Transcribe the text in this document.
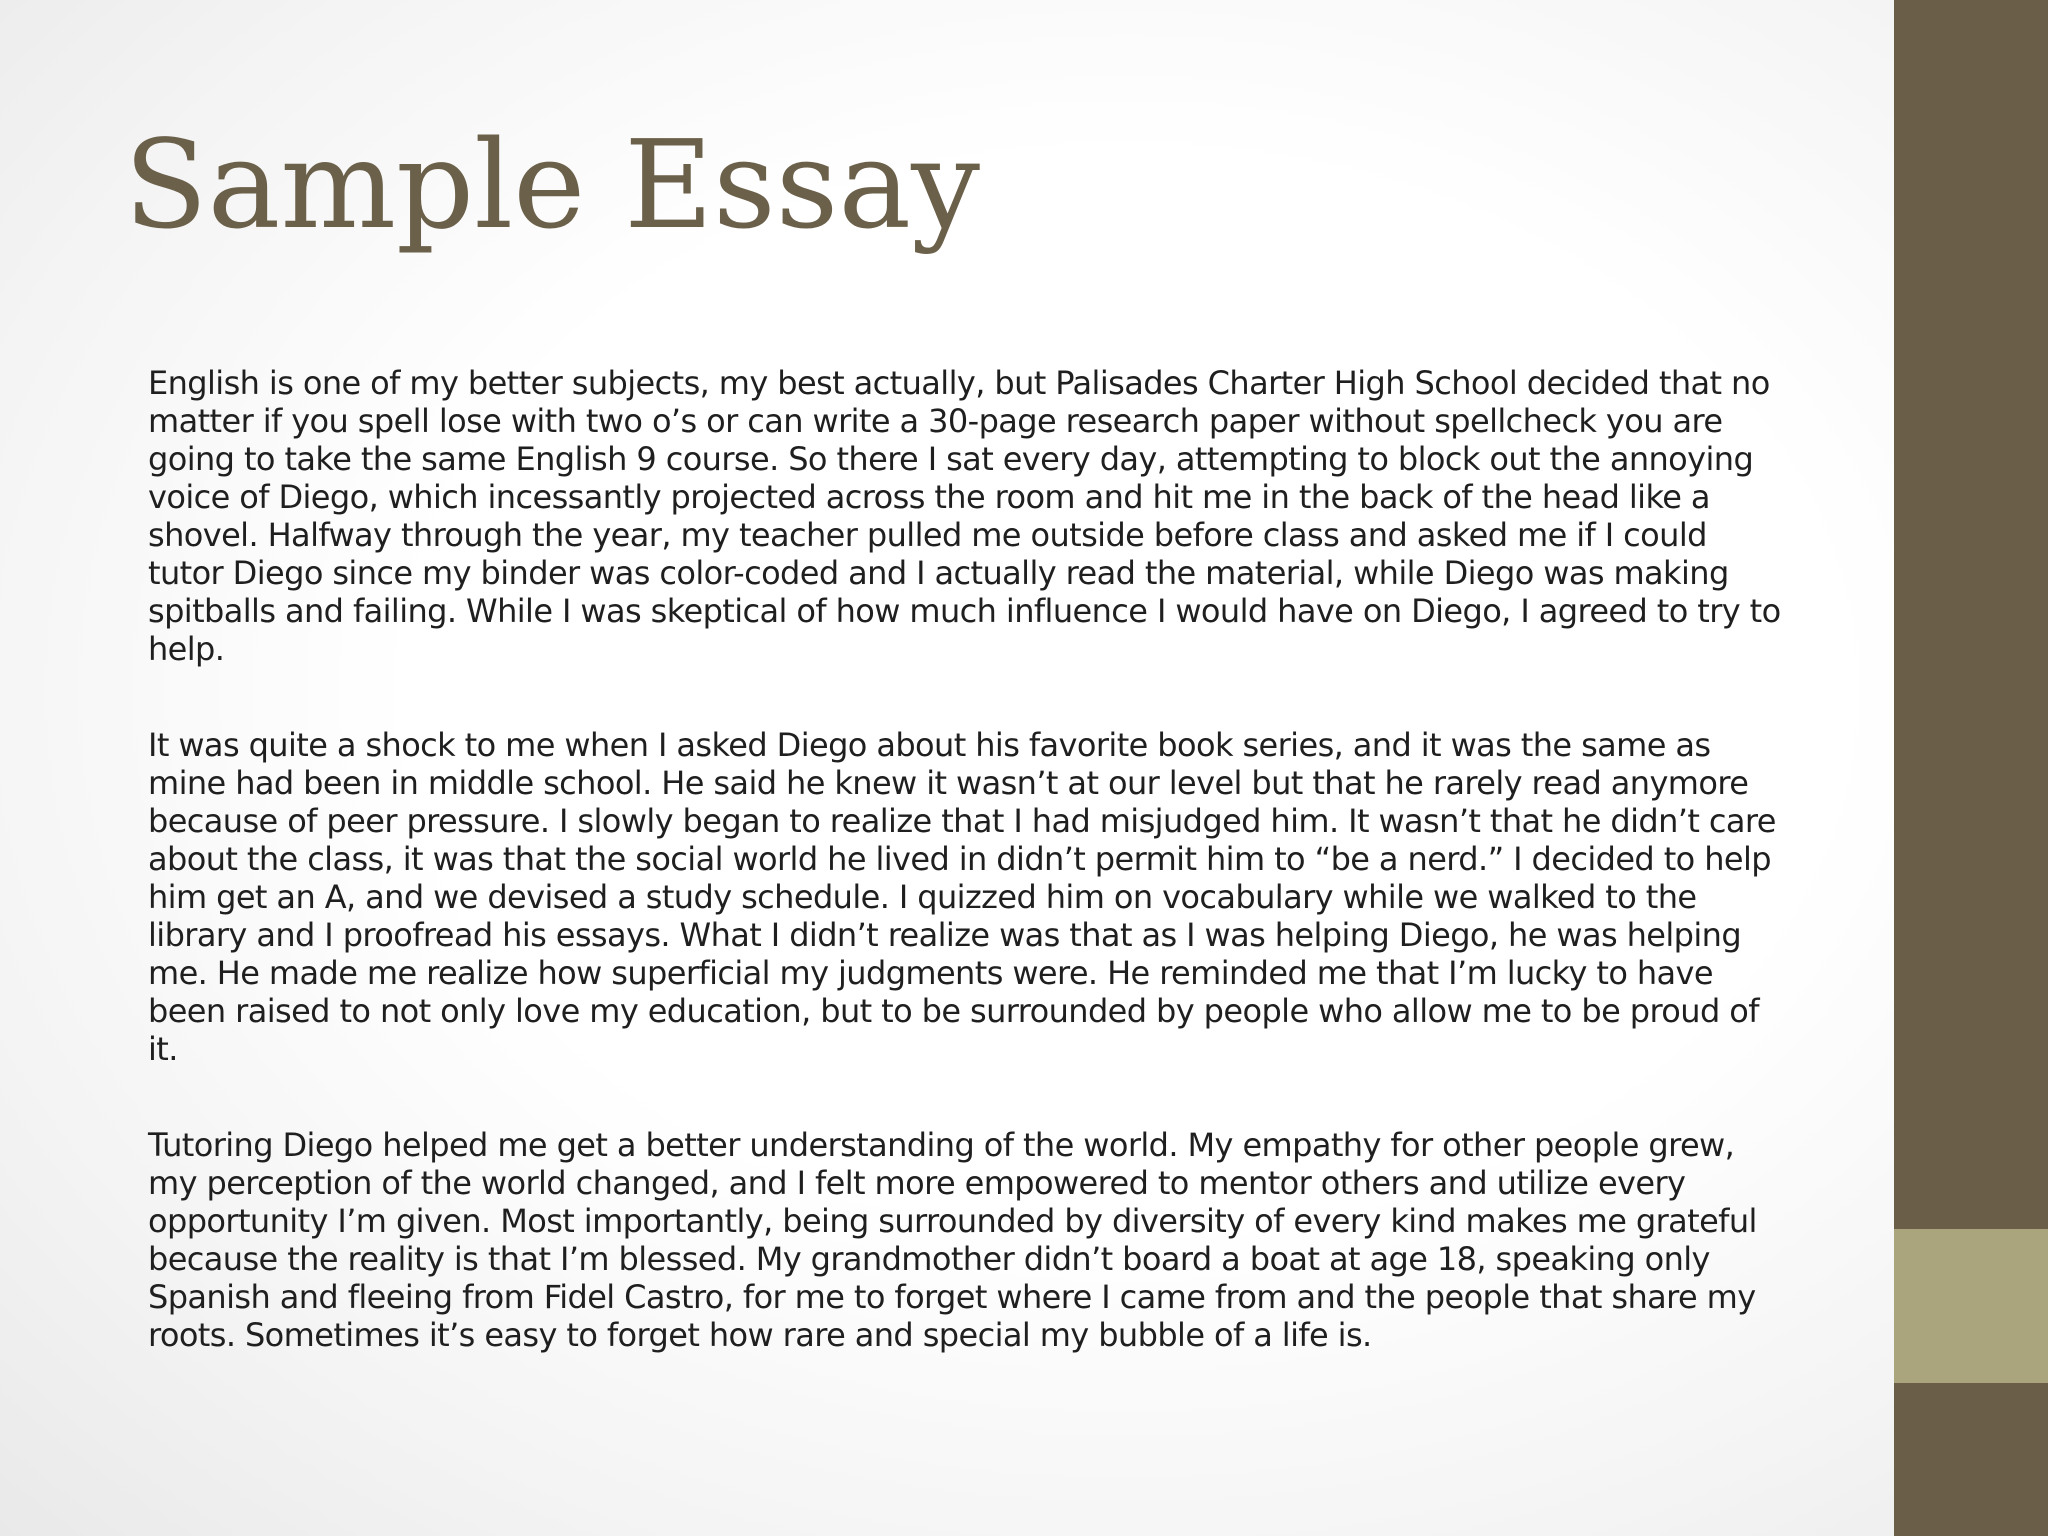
Sample Essay

English is one of my better subjects, my best actually, but Palisades Charter High School decided that no matter if you spell lose with two o’s or can write a 30-page research paper without spellcheck you are going to take the same English 9 course. So there I sat every day, attempting to block out the annoying voice of Diego, which incessantly projected across the room and hit me in the back of the head like a shovel. Halfway through the year, my teacher pulled me outside before class and asked me if I could tutor Diego since my binder was color-coded and I actually read the material, while Diego was making spitballs and failing. While I was skeptical of how much influence I would have on Diego, I agreed to try to help.

It was quite a shock to me when I asked Diego about his favorite book series, and it was the same as mine had been in middle school. He said he knew it wasn’t at our level but that he rarely read anymore because of peer pressure. I slowly began to realize that I had misjudged him. It wasn’t that he didn’t care about the class, it was that the social world he lived in didn’t permit him to “be a nerd.” I decided to help him get an A, and we devised a study schedule. I quizzed him on vocabulary while we walked to the library and I proofread his essays. What I didn’t realize was that as I was helping Diego, he was helping me. He made me realize how superficial my judgments were. He reminded me that I’m lucky to have been raised to not only love my education, but to be surrounded by people who allow me to be proud of it.

Tutoring Diego helped me get a better understanding of the world. My empathy for other people grew, my perception of the world changed, and I felt more empowered to mentor others and utilize every opportunity I’m given. Most importantly, being surrounded by diversity of every kind makes me grateful because the reality is that I’m blessed. My grandmother didn’t board a boat at age 18, speaking only Spanish and fleeing from Fidel Castro, for me to forget where I came from and the people that share my roots. Sometimes it’s easy to forget how rare and special my bubble of a life is.
